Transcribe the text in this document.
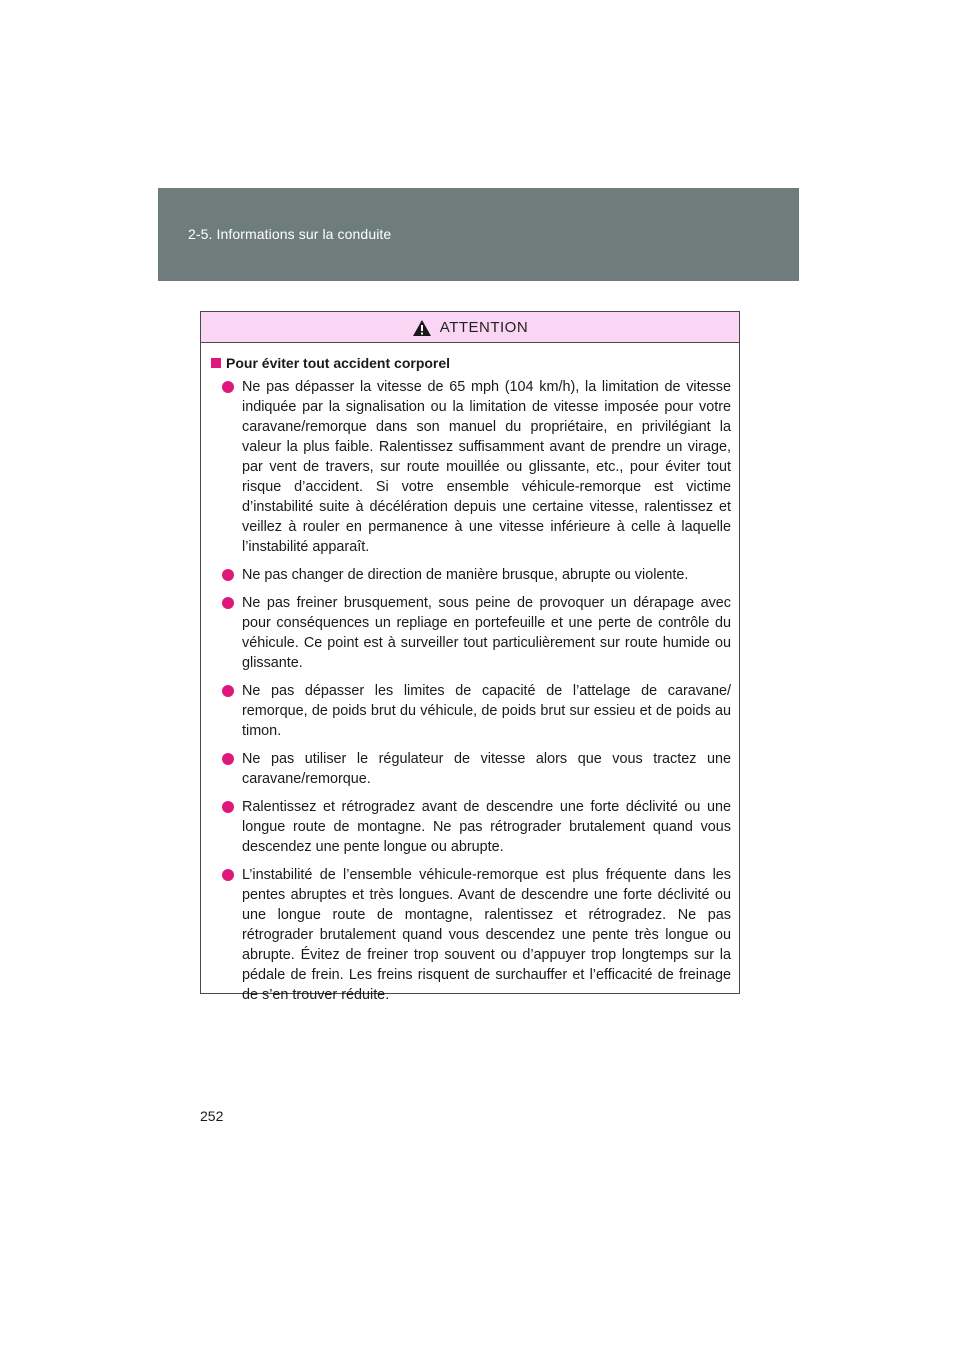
2-5. Informations sur la conduite
ATTENTION
Pour éviter tout accident corporel
Ne pas dépasser la vitesse de 65 mph (104 km/h), la limitation de vitesse indiquée par la signalisation ou la limitation de vitesse imposée pour votre caravane/remorque dans son manuel du propriétaire, en privilégiant la valeur la plus faible. Ralentissez suffisamment avant de prendre un virage, par vent de travers, sur route mouillée ou glissante, etc., pour éviter tout risque d’accident. Si votre ensemble véhicule-remorque est victime d’instabilité suite à décélération depuis une certaine vitesse, ralentissez et veillez à rouler en permanence à une vitesse inférieure à celle à laquelle l’instabilité apparaît.
Ne pas changer de direction de manière brusque, abrupte ou violente.
Ne pas freiner brusquement, sous peine de provoquer un dérapage avec pour conséquences un repliage en portefeuille et une perte de contrôle du véhicule. Ce point est à surveiller tout particulièrement sur route humide ou glissante.
Ne pas dépasser les limites de capacité de l’attelage de caravane/ remorque, de poids brut du véhicule, de poids brut sur essieu et de poids au timon.
Ne pas utiliser le régulateur de vitesse alors que vous tractez une caravane/remorque.
Ralentissez et rétrogradez avant de descendre une forte déclivité ou une longue route de montagne. Ne pas rétrograder brutalement quand vous descendez une pente longue ou abrupte.
L’instabilité de l’ensemble véhicule-remorque est plus fréquente dans les pentes abruptes et très longues. Avant de descendre une forte déclivité ou une longue route de montagne, ralentissez et rétrogradez. Ne pas rétrograder brutalement quand vous descendez une pente très longue ou abrupte. Évitez de freiner trop souvent ou d’appuyer trop longtemps sur la pédale de frein. Les freins risquent de surchauffer et l’efficacité de freinage de s’en trouver réduite.
252
